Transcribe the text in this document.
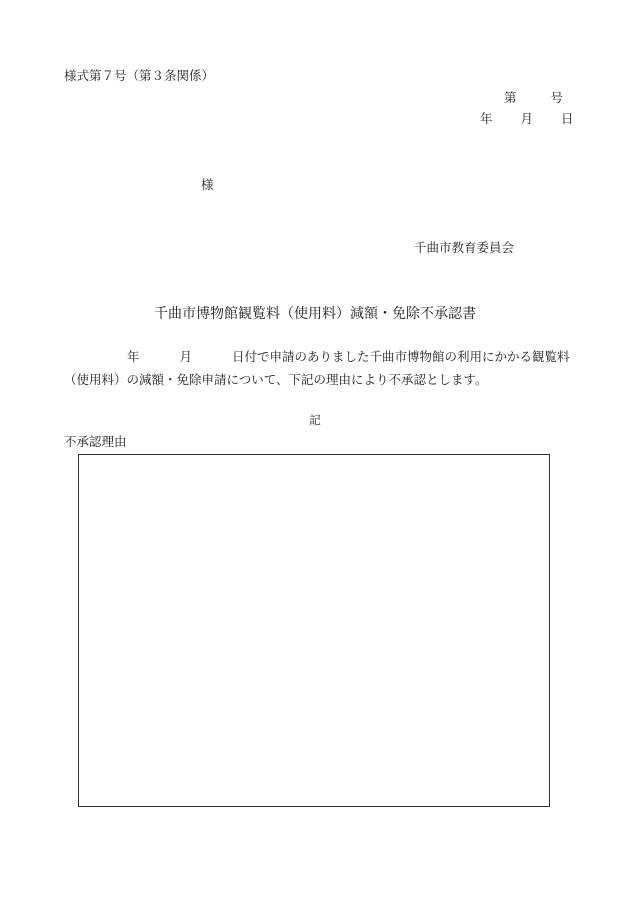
様式第７号（第３条関係）
第	号
年 月 日
様
千曲市教育委員会
千曲市博物館観覧料（使用料）減額・免除不承認書
年	月	日付で申請のありました千曲市博物館の利用にかかる観覧料
（使用料）の減額・免除申請について、下記の理由により不承認とします。
記
不承認理由
